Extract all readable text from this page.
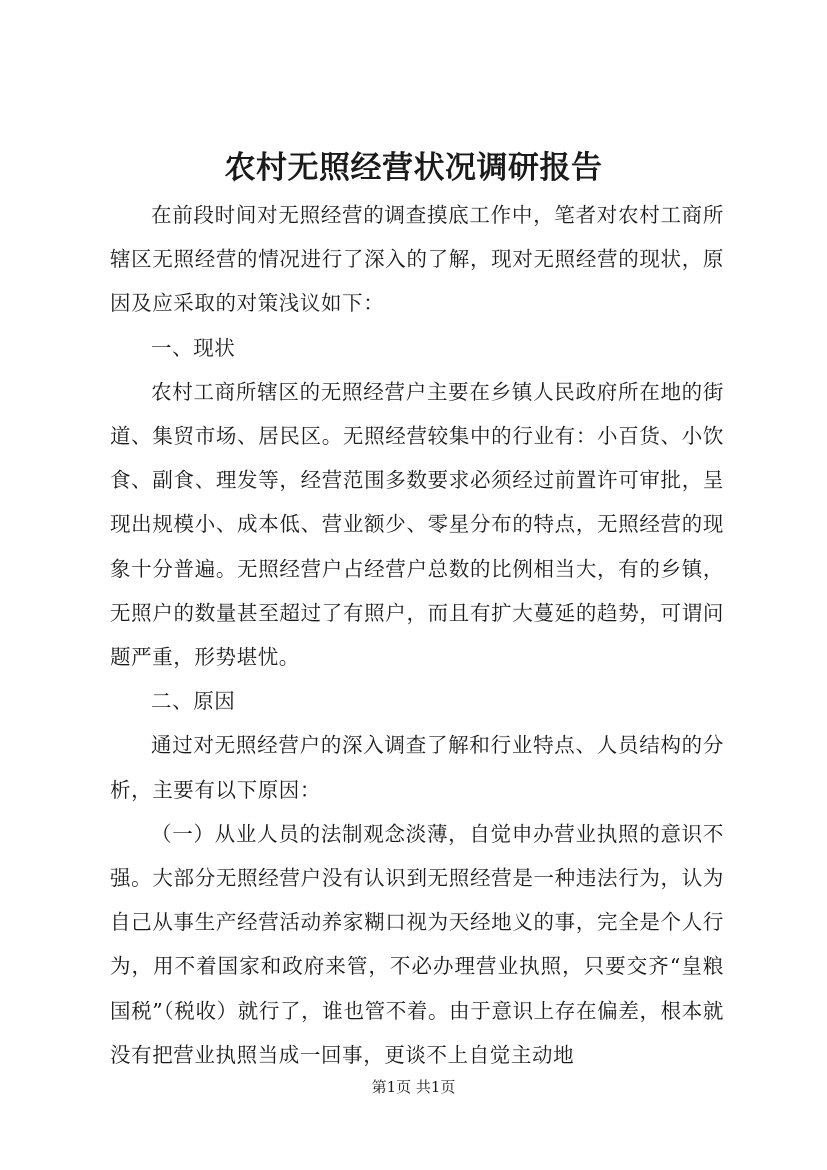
农村无照经营状况调研报告

在前段时间对无照经营的调查摸底工作中，笔者对农村工商所辖区无照经营的情况进行了深入的了解，现对无照经营的现状，原因及应采取的对策浅议如下：

一、现状

农村工商所辖区的无照经营户主要在乡镇人民政府所在地的街道、集贸市场、居民区。无照经营较集中的行业有：小百货、小饮食、副食、理发等，经营范围多数要求必须经过前置许可审批，呈现出规模小、成本低、营业额少、零星分布的特点，无照经营的现象十分普遍。无照经营户占经营户总数的比例相当大，有的乡镇，无照户的数量甚至超过了有照户，而且有扩大蔓延的趋势，可谓问题严重，形势堪忧。

二、原因

通过对无照经营户的深入调查了解和行业特点、人员结构的分析，主要有以下原因：

（一）从业人员的法制观念淡薄，自觉申办营业执照的意识不强。大部分无照经营户没有认识到无照经营是一种违法行为，认为自己从事生产经营活动养家糊口视为天经地义的事，完全是个人行为，用不着国家和政府来管，不必办理营业执照，只要交齐“皇粮国税”（税收）就行了，谁也管不着。由于意识上存在偏差，根本就没有把营业执照当成一回事，更谈不上自觉主动地

第1页 共1页
